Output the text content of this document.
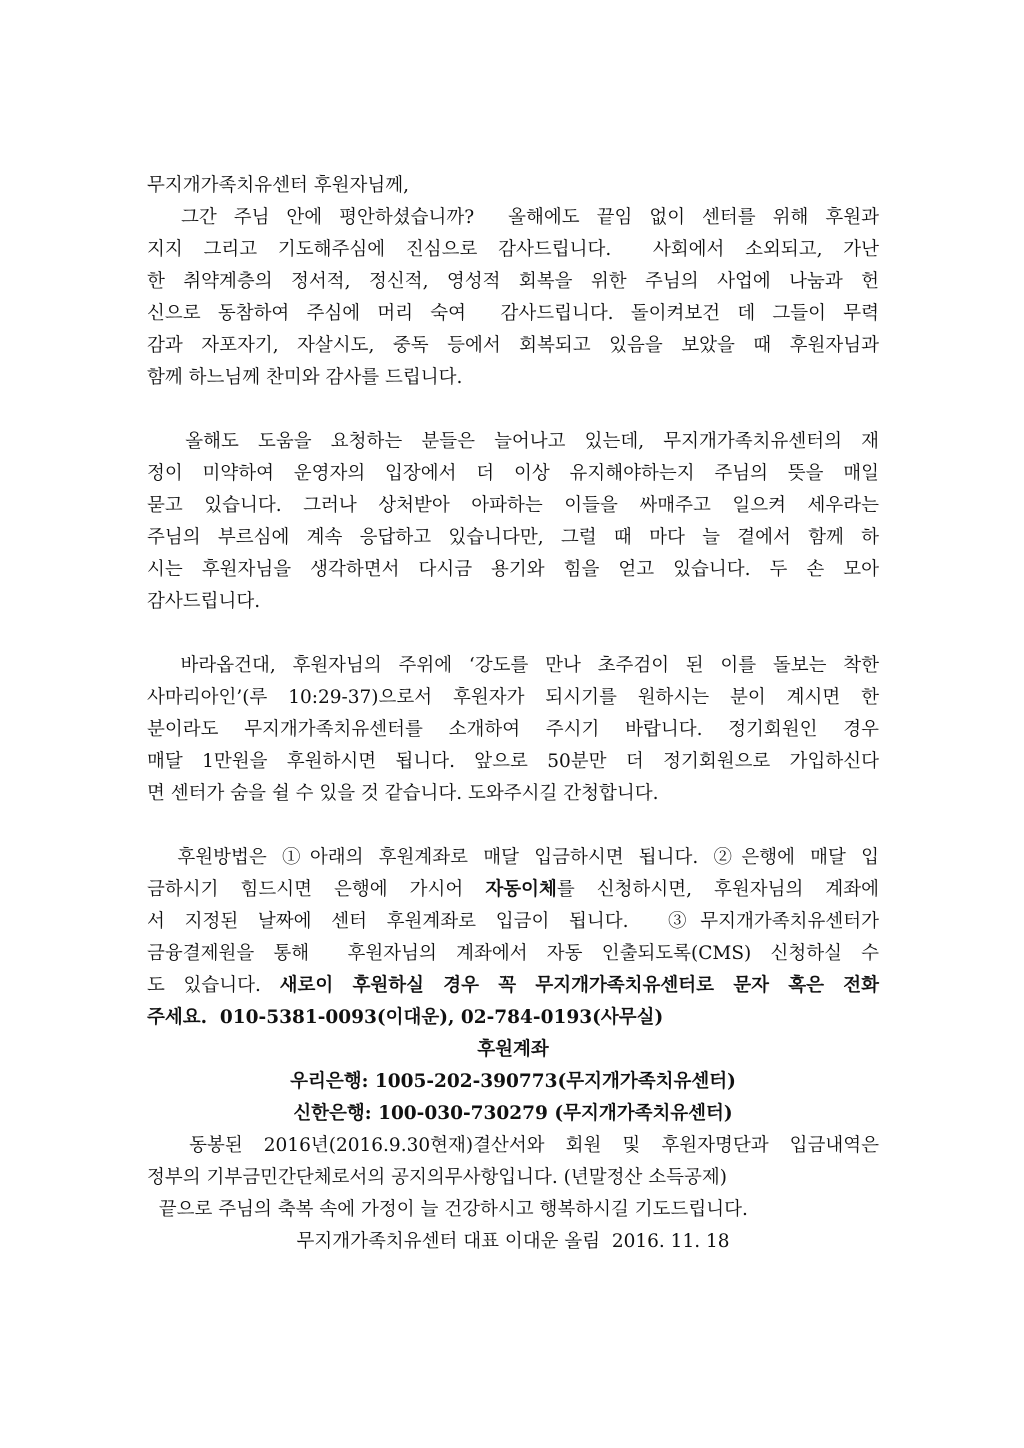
무지개가족치유센터 후원자님께,
그간 주님 안에 평안하셨습니까?  올해에도 끝임 없이 센터를 위해 후원과
지지 그리고 기도해주심에 진심으로 감사드립니다.  사회에서 소외되고, 가난
한 취약계층의 정서적, 정신적, 영성적 회복을 위한 주님의 사업에 나눔과 헌
신으로 동참하여 주심에 머리 숙여  감사드립니다. 돌이켜보건 데 그들이 무력
감과 자포자기, 자살시도, 중독 등에서 회복되고 있음을 보았을 때 후원자님과
함께 하느님께 찬미와 감사를 드립니다.
올해도 도움을 요청하는 분들은 늘어나고 있는데, 무지개가족치유센터의 재
정이 미약하여 운영자의 입장에서 더 이상 유지해야하는지 주님의 뜻을 매일
묻고 있습니다. 그러나 상처받아 아파하는 이들을 싸매주고 일으켜 세우라는
주님의 부르심에 계속 응답하고 있습니다만, 그럴 때 마다 늘 곁에서 함께 하
시는 후원자님을 생각하면서 다시금 용기와 힘을 얻고 있습니다. 두 손 모아
감사드립니다.
바라옵건대, 후원자님의 주위에 ‘강도를 만나 초주검이 된 이를 돌보는 착한
사마리아인’(루 10:29-37)으로서 후원자가 되시기를 원하시는 분이 계시면 한
분이라도 무지개가족치유센터를 소개하여 주시기 바랍니다. 정기회원인 경우
매달 1만원을 후원하시면 됩니다. 앞으로 50분만 더 정기회원으로 가입하신다
면 센터가 숨을 쉴 수 있을 것 같습니다. 도와주시길 간청합니다.
후원방법은 ①아래의 후원계좌로 매달 입금하시면 됩니다. ②은행에 매달 입
금하시기 힘드시면 은행에 가시어 자동이체를 신청하시면, 후원자님의 계좌에
서 지정된 날짜에 센터 후원계좌로 입금이 됩니다.  ③무지개가족치유센터가
금융결제원을 통해  후원자님의 계좌에서 자동 인출되도록(CMS) 신청하실 수
도 있습니다. 새로이 후원하실 경우 꼭 무지개가족치유센터로 문자 혹은 전화
주세요.  010-5381-0093(이대운), 02-784-0193(사무실)
후원계좌
우리은행: 1005-202-390773(무지개가족치유센터)
신한은행: 100-030-730279 (무지개가족치유센터)
동봉된 2016년(2016.9.30현재)결산서와 회원 및 후원자명단과 입금내역은
정부의 기부금민간단체로서의 공지의무사항입니다. (년말정산 소득공제)
끝으로 주님의 축복 속에 가정이 늘 건강하시고 행복하시길 기도드립니다.
무지개가족치유센터 대표 이대운 올림  2016. 11. 18
